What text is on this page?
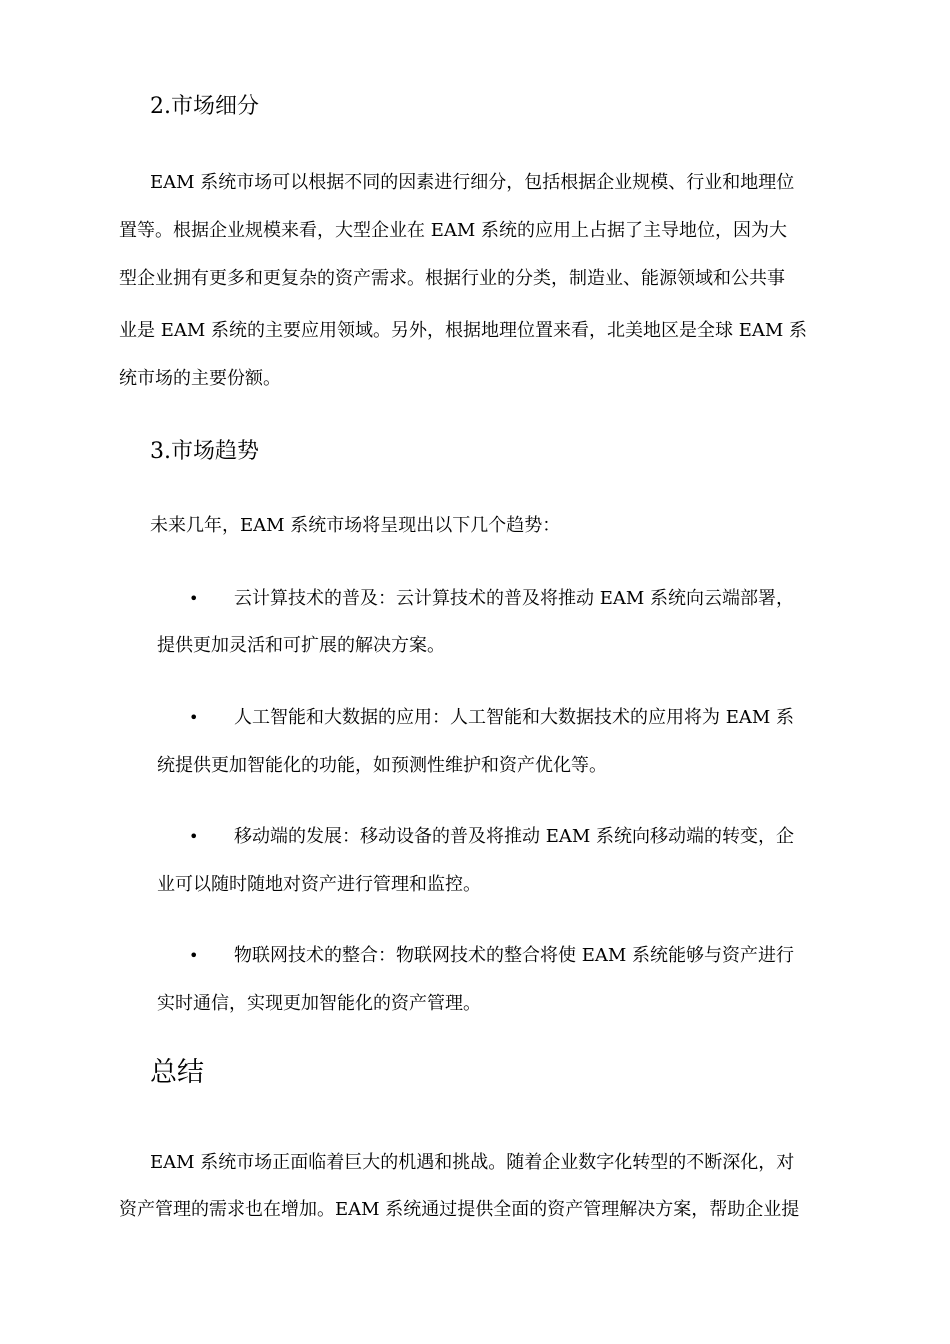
2.市场细分
EAM 系统市场可以根据不同的因素进行细分，包括根据企业规模、行业和地理位
置等。根据企业规模来看，大型企业在 EAM 系统的应用上占据了主导地位，因为大
型企业拥有更多和更复杂的资产需求。根据行业的分类，制造业、能源领域和公共事
业是 EAM 系统的主要应用领域。另外，根据地理位置来看，北美地区是全球 EAM 系
统市场的主要份额。
3.市场趋势
未来几年，EAM 系统市场将呈现出以下几个趋势：
• 云计算技术的普及：云计算技术的普及将推动 EAM 系统向云端部署，
提供更加灵活和可扩展的解决方案。
• 人工智能和大数据的应用：人工智能和大数据技术的应用将为 EAM 系
统提供更加智能化的功能，如预测性维护和资产优化等。
• 移动端的发展：移动设备的普及将推动 EAM 系统向移动端的转变，企
业可以随时随地对资产进行管理和监控。
• 物联网技术的整合：物联网技术的整合将使 EAM 系统能够与资产进行
实时通信，实现更加智能化的资产管理。
总结
EAM 系统市场正面临着巨大的机遇和挑战。随着企业数字化转型的不断深化，对
资产管理的需求也在增加。EAM 系统通过提供全面的资产管理解决方案，帮助企业提
